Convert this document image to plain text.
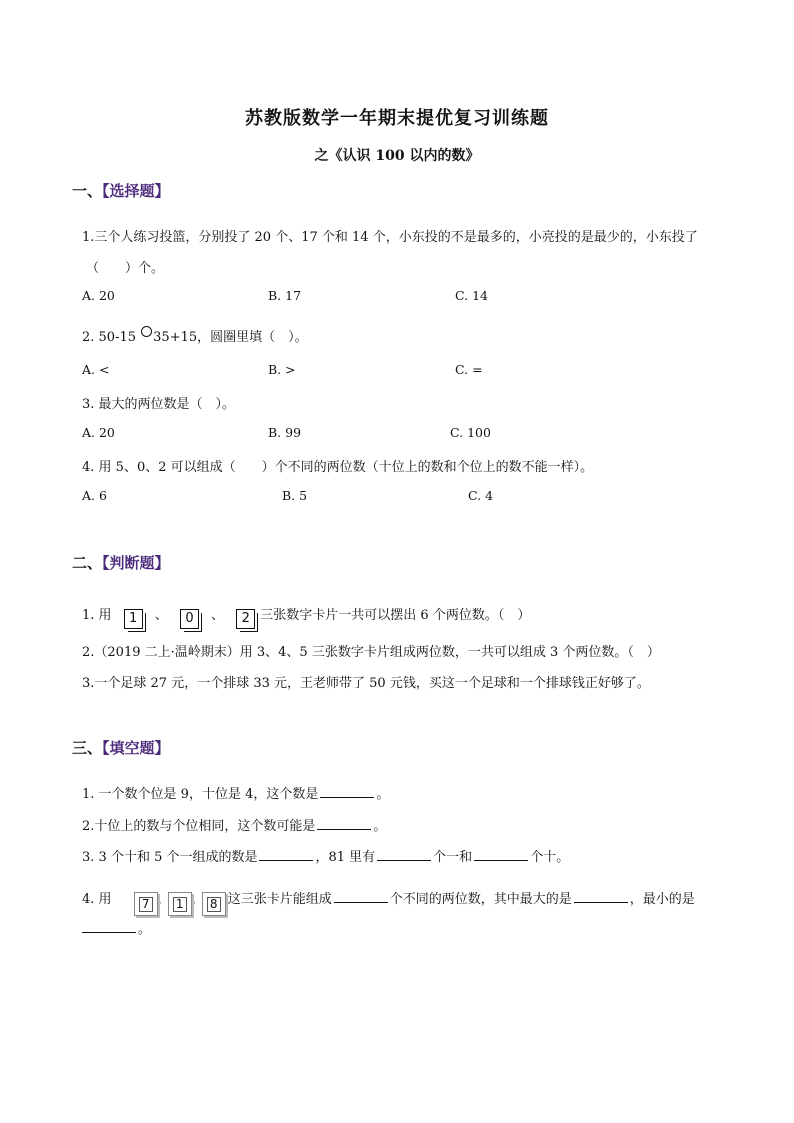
苏教版数学一年期末提优复习训练题
之《认识 100 以内的数》
一、【选择题】
1.三个人练习投篮，分别投了 20 个、17 个和 14 个，小东投的不是最多的，小亮投的是最少的，小东投了
（　　）个。
A. 20	B. 17	C. 14
2. 50-15 35+15，圆圈里填（　）。
A. <	B. >	C. =
3. 最大的两位数是（　）。
A. 20	B. 99	C. 100
4. 用 5、0、2 可以组成（　　）个不同的两位数（十位上的数和个位上的数不能一样）。
A. 6	B. 5	C. 4
二、【判断题】
1. 用 1 、 0 、 2 三张数字卡片一共可以摆出 6 个两位数。（　）
2.（2019 二上·温岭期末）用 3、4、5 三张数字卡片组成两位数，一共可以组成 3 个两位数。（　）
3.一个足球 27 元，一个排球 33 元，王老师带了 50 元钱，买这一个足球和一个排球钱正好够了。
三、【填空题】
1. 一个数个位是 9，十位是 4，这个数是	。
2.十位上的数与个位相同，这个数可能是	。
3. 3 个十和 5 个一组成的数是	，81 里有	个一和	个十。
4. 用	7 、 1 、 8 这三张卡片能组成	个不同的两位数，其中最大的是	，最小的是
。
